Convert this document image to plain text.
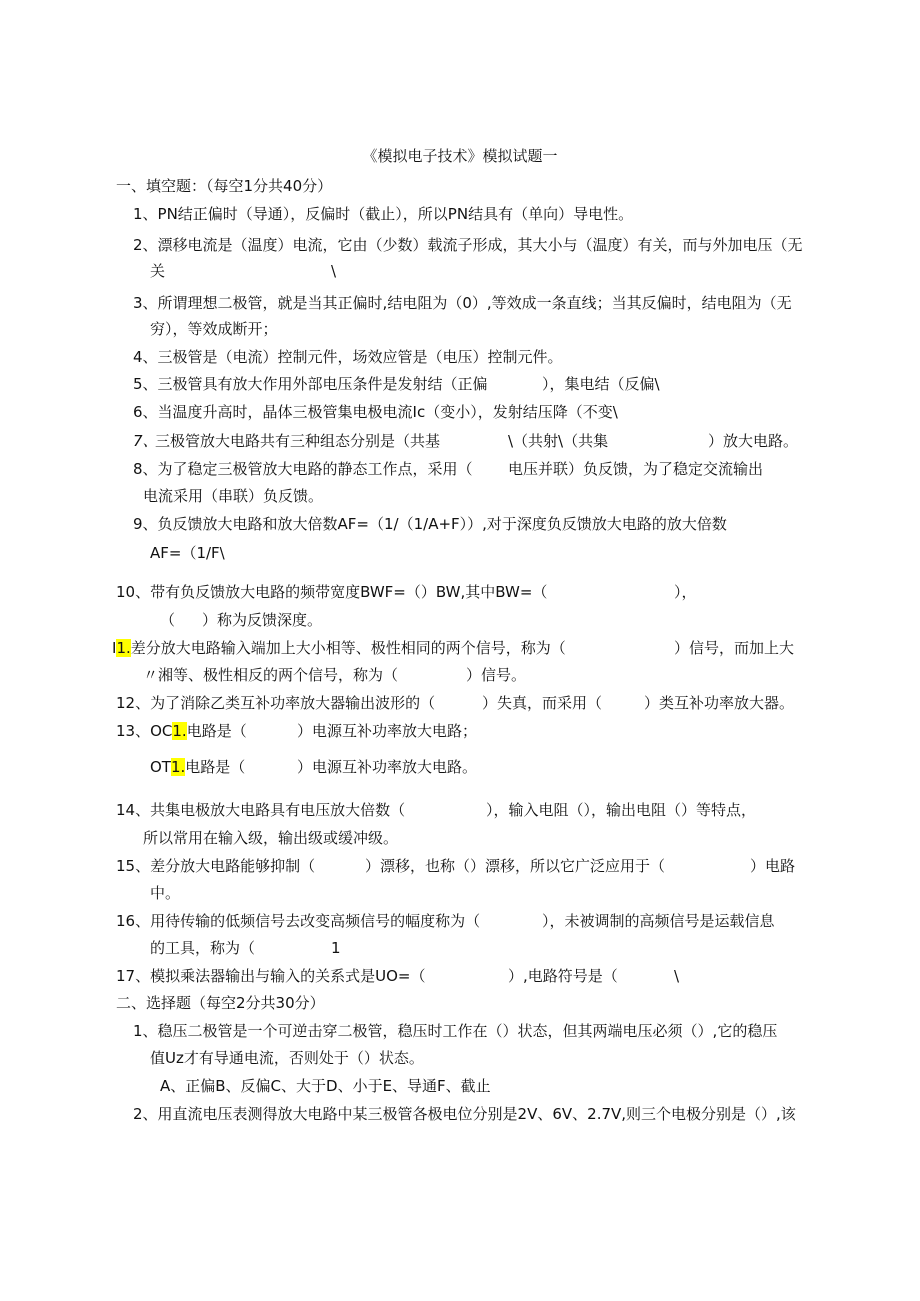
《模拟电子技术》模拟试题一
一、填空题：（每空1分共40分）
1、PN结正偏时（导通），反偏时（截止），所以PN结具有（单向）导电性。
2、漂移电流是（温度）电流，它由（少数）载流子形成，其大小与（温度）有关，而与外加电压（无
关	\
3、所谓理想二极管，就是当其正偏时,结电阻为（0）,等效成一条直线；当其反偏时，结电阻为（无
穷），等效成断开；
4、三极管是（电流）控制元件，场效应管是（电压）控制元件。
5、三极管具有放大作用外部电压条件是发射结（正偏	），集电结（反偏\
6、当温度升高时，晶体三极管集电极电流Ic（变小），发射结压降（不变\
7、
三极管放大电路共有三种组态分别是（共基	\（共射\（共集	）放大电路。
8、为了稳定三极管放大电路的静态工作点，采用（ 电压并联）负反馈，为了稳定交流输出
电流采用（串联）负反馈。
9、负反馈放大电路和放大倍数AF=（1/（1/A+F））,对于深度负反馈放大电路的放大倍数
AF=（1/F\
10、带有负反馈放大电路的频带宽度BWF=（）BW,其中BW=（	），
（ ）称为反馈深度。
I1.差分放大电路输入端加上大小相等、极性相同的两个信号，称为（	）信号，而加上大
〃湘等、极性相反的两个信号，称为（	）信号。
12、为了消除乙类互补功率放大器输出波形的（	）失真，而采用（	）类互补功率放大器。
13、OC1.电路是（	）电源互补功率放大电路；
OT1.电路是（	）电源互补功率放大电路。
14、共集电极放大电路具有电压放大倍数（	），输入电阻（），输出电阻（）等特点，
所以常用在输入级，输出级或缓冲级。
15、差分放大电路能够抑制（	）漂移，也称（）漂移，所以它广泛应用于（	）电路
中。
16、用待传输的低频信号去改变高频信号的幅度称为（	），未被调制的高频信号是运载信息
的工具，称为（	1
17、模拟乘法器输出与输入的关系式是UO=（	）,电路符号是（	\
二、选择题（每空2分共30分）
1、稳压二极管是一个可逆击穿二极管，稳压时工作在（）状态，但其两端电压必须（）,它的稳压
值Uz才有导通电流，否则处于（）状态。
A、正偏B、反偏C、大于D、小于E、导通F、截止
2、用直流电压表测得放大电路中某三极管各极电位分别是2V、6V、2.7V,则三个电极分别是（）,该
